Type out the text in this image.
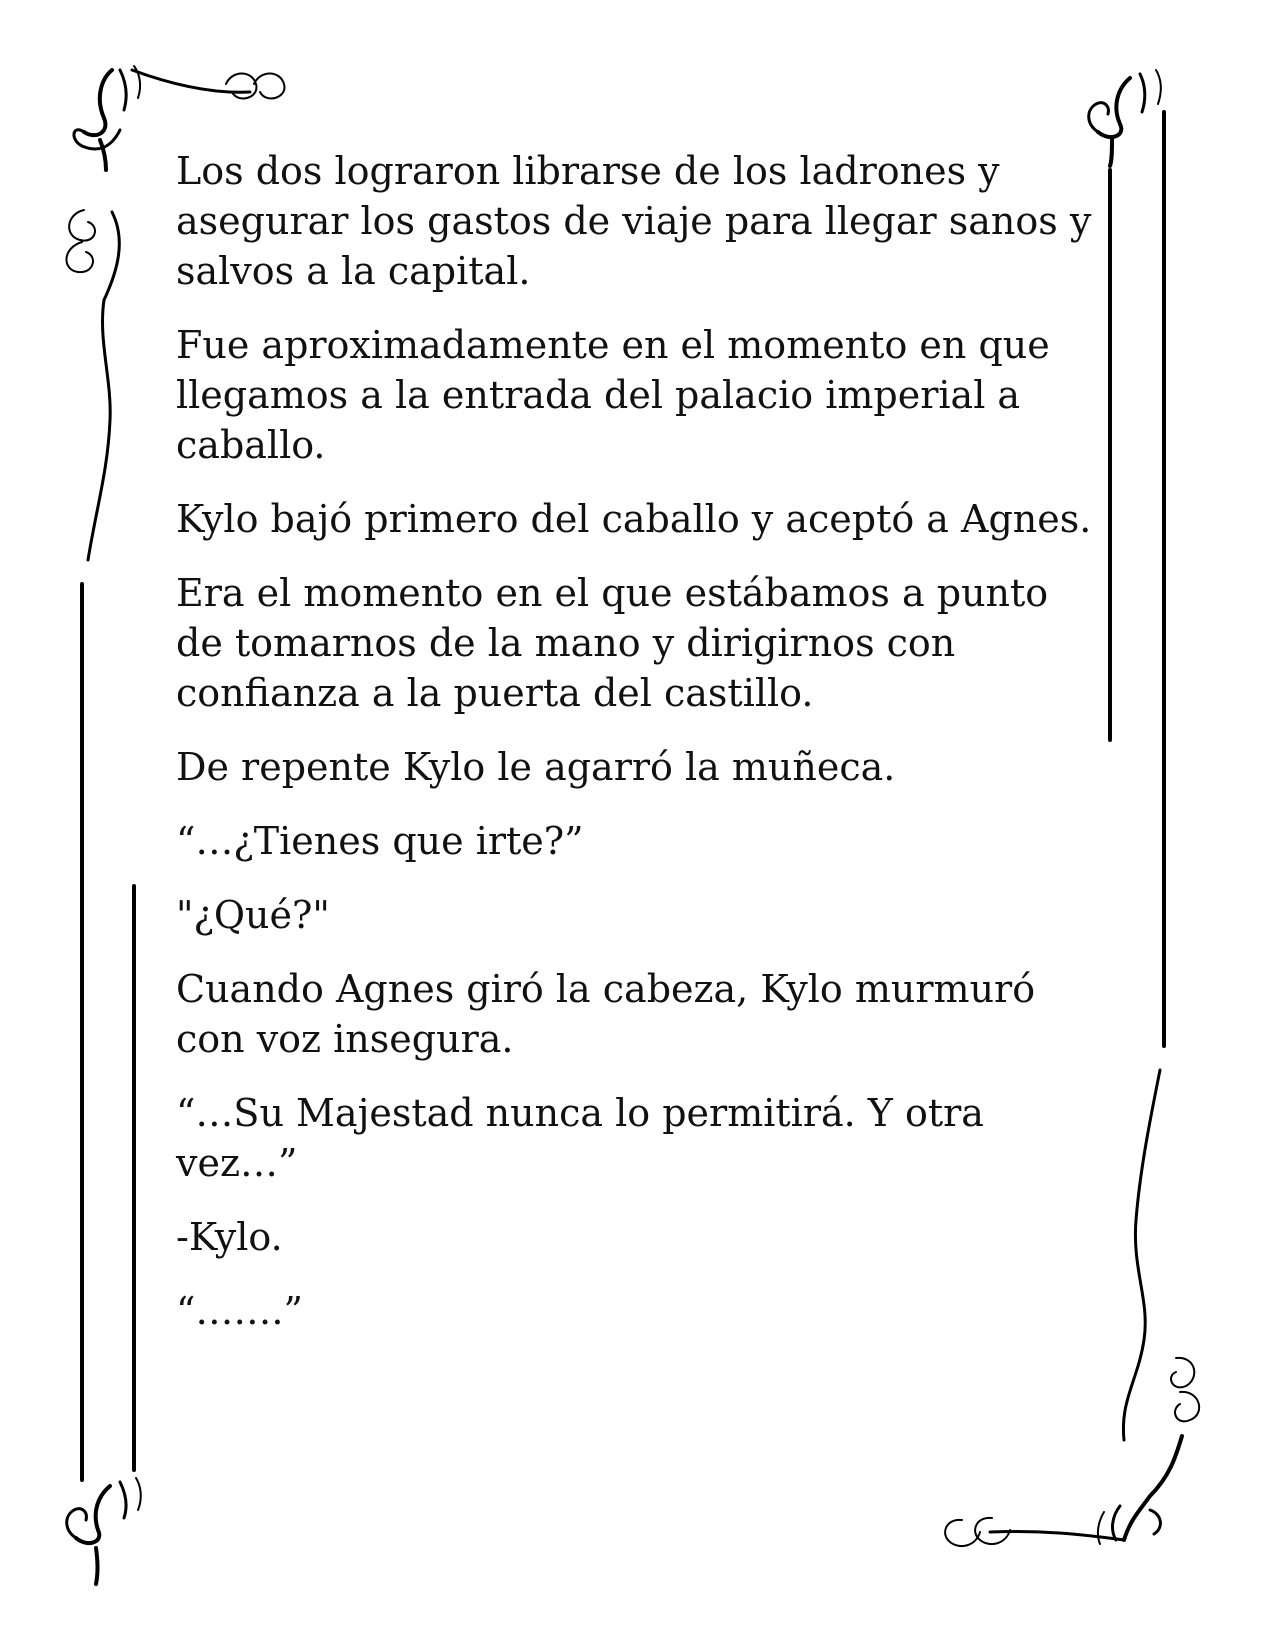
Los dos lograron librarse de los ladrones y asegurar los gastos de viaje para llegar sanos y salvos a la capital.

Fue aproximadamente en el momento en que llegamos a la entrada del palacio imperial a caballo.

Kylo bajó primero del caballo y aceptó a Agnes.

Era el momento en el que estábamos a punto de tomarnos de la mano y dirigirnos con confianza a la puerta del castillo.

De repente Kylo le agarró la muñeca.

“…¿Tienes que irte?”

"¿Qué?"

Cuando Agnes giró la cabeza, Kylo murmuró con voz insegura.

“…Su Majestad nunca lo permitirá. Y otra vez…”

-Kylo.

“…….”
